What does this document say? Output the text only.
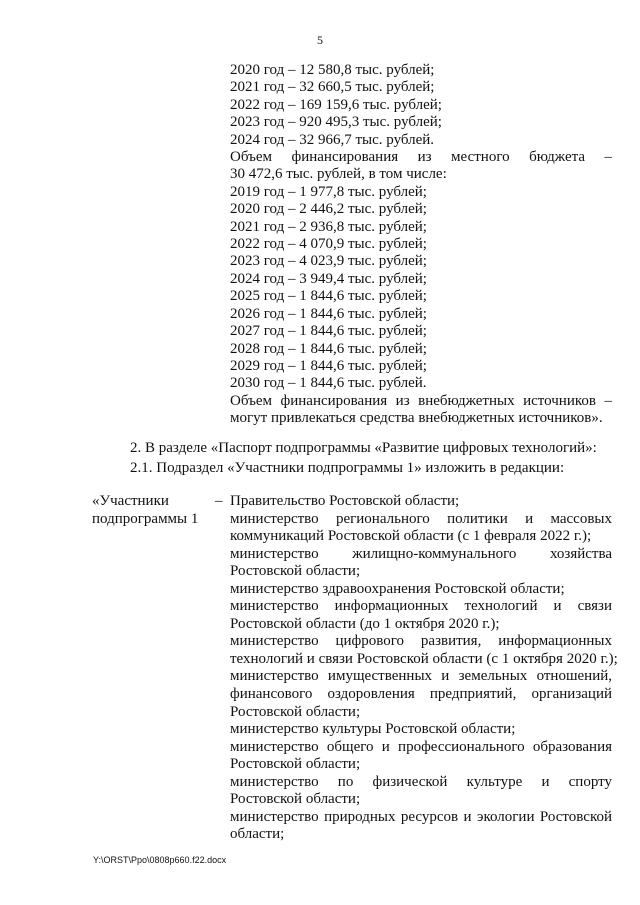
5
2020 год – 12 580,8 тыс. рублей;
2021 год – 32 660,5 тыс. рублей;
2022 год – 169 159,6 тыс. рублей;
2023 год – 920 495,3 тыс. рублей;
2024 год – 32 966,7 тыс. рублей.
Объем финансирования из местного бюджета –
30 472,6 тыс. рублей, в том числе:
2019 год – 1 977,8 тыс. рублей;
2020 год – 2 446,2 тыс. рублей;
2021 год – 2 936,8 тыс. рублей;
2022 год – 4 070,9 тыс. рублей;
2023 год – 4 023,9 тыс. рублей;
2024 год – 3 949,4 тыс. рублей;
2025 год – 1 844,6 тыс. рублей;
2026 год – 1 844,6 тыс. рублей;
2027 год – 1 844,6 тыс. рублей;
2028 год – 1 844,6 тыс. рублей;
2029 год – 1 844,6 тыс. рублей;
2030 год – 1 844,6 тыс. рублей.
Объем финансирования из внебюджетных источников –
могут привлекаться средства внебюджетных источников».
2. В разделе «Паспорт подпрограммы «Развитие цифровых технологий»:
2.1. Подраздел «Участники подпрограммы 1» изложить в редакции:
«Участники
подпрограммы 1
– Правительство Ростовской области;
министерство регионального политики и массовых
коммуникаций Ростовской области (с 1 февраля 2022 г.);
министерство жилищно-коммунального хозяйства
Ростовской области;
министерство здравоохранения Ростовской области;
министерство информационных технологий и связи
Ростовской области (до 1 октября 2020 г.);
министерство цифрового развития, информационных
технологий и связи Ростовской области (с 1 октября 2020 г.);
министерство имущественных и земельных отношений,
финансового оздоровления предприятий, организаций
Ростовской области;
министерство культуры Ростовской области;
министерство общего и профессионального образования
Ростовской области;
министерство по физической культуре и спорту
Ростовской области;
министерство природных ресурсов и экологии Ростовской
области;
Y:\ORST\Ppo\0808p660.f22.docx
